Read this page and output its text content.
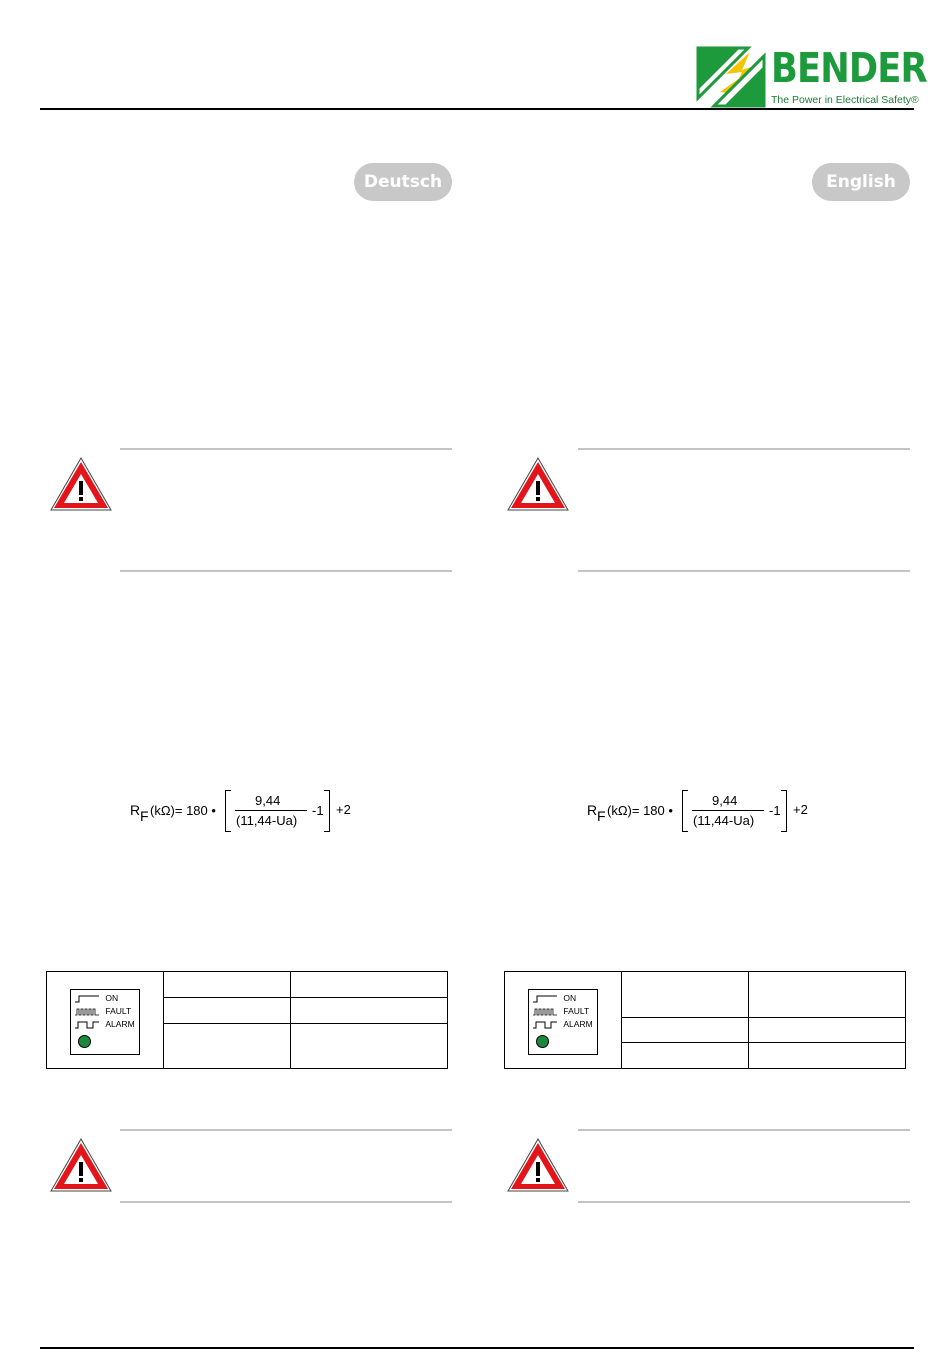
BENDER
The Power in Electrical Safety®
Deutsch	English
R F (kΩ)= 180 •
9,44
(11,44-Ua)
-1 +2	R F (kΩ)= 180 •
9,44
(11,44-Ua)
-1 +2
ON
FAULT
ALARM
ON
FAULT
ALARM
